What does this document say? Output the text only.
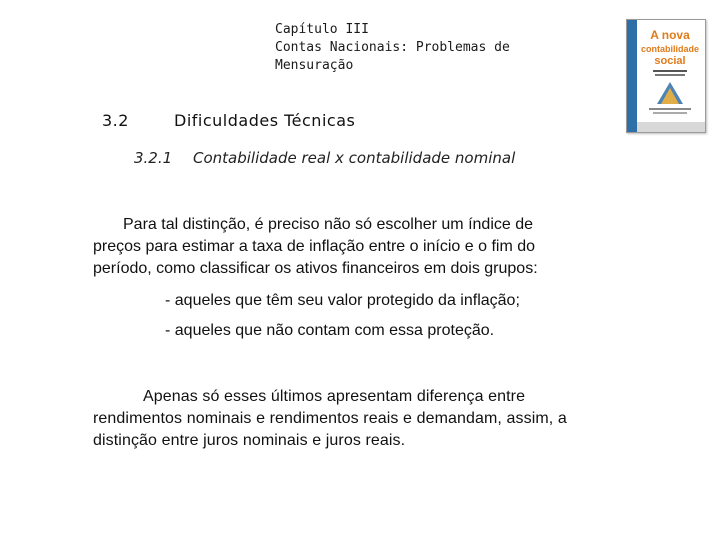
Capítulo III
Contas Nacionais: Problemas de
Mensuração
A nova
contabilidade
social
3.2	Dificuldades Técnicas
3.2.1 Contabilidade real x contabilidade nominal
Para tal distinção, é preciso não só escolher um índice de
preços para estimar a taxa de inflação entre o início e o fim do
período, como classificar os ativos financeiros em dois grupos:
- aqueles que têm seu valor protegido da inflação;
- aqueles que não contam com essa proteção.
Apenas só esses últimos apresentam diferença entre
rendimentos nominais e rendimentos reais e demandam, assim, a
distinção entre juros nominais e juros reais.
